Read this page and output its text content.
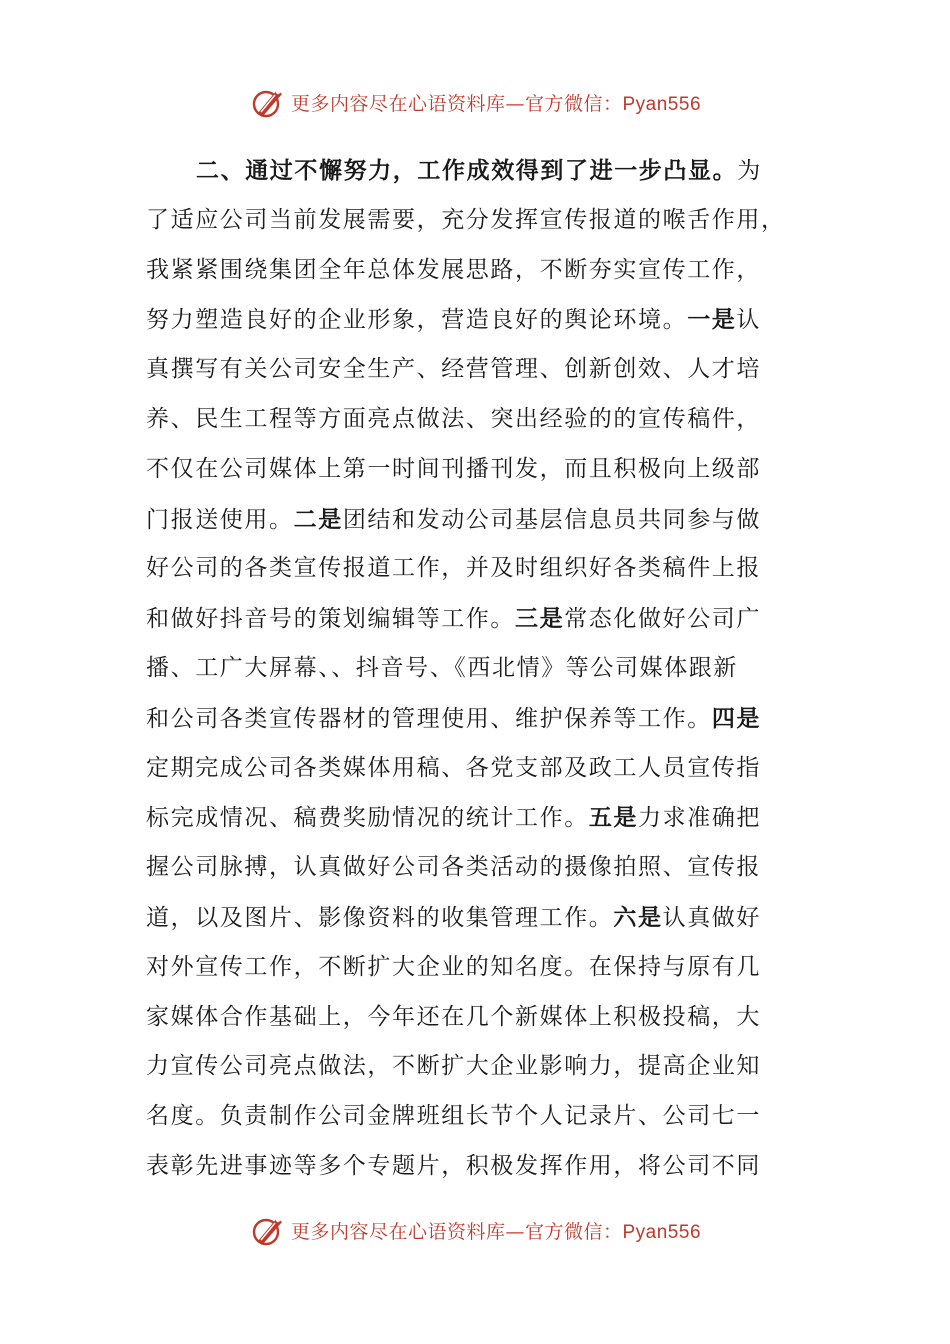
更多内容尽在心语资料库—官方微信：Pyan556
二、通过不懈努力，工作成效得到了进一步凸显。为
了适应公司当前发展需要，充分发挥宣传报道的喉舌作用，
我紧紧围绕集团全年总体发展思路，不断夯实宣传工作，
努力塑造良好的企业形象，营造良好的舆论环境。一是认
真撰写有关公司安全生产、经营管理、创新创效、人才培
养、民生工程等方面亮点做法、突出经验的的宣传稿件，
不仅在公司媒体上第一时间刊播刊发，而且积极向上级部
门报送使用。二是团结和发动公司基层信息员共同参与做
好公司的各类宣传报道工作，并及时组织好各类稿件上报
和做好抖音号的策划编辑等工作。三是常态化做好公司广
播、工广大屏幕、、抖音号、《西北情》等公司媒体跟新
和公司各类宣传器材的管理使用、维护保养等工作。四是
定期完成公司各类媒体用稿、各党支部及政工人员宣传指
标完成情况、稿费奖励情况的统计工作。五是力求准确把
握公司脉搏，认真做好公司各类活动的摄像拍照、宣传报
道，以及图片、影像资料的收集管理工作。六是认真做好
对外宣传工作，不断扩大企业的知名度。在保持与原有几
家媒体合作基础上，今年还在几个新媒体上积极投稿，大
力宣传公司亮点做法，不断扩大企业影响力，提高企业知
名度。负责制作公司金牌班组长节个人记录片、公司七一
表彰先进事迹等多个专题片，积极发挥作用，将公司不同
更多内容尽在心语资料库—官方微信：Pyan556
